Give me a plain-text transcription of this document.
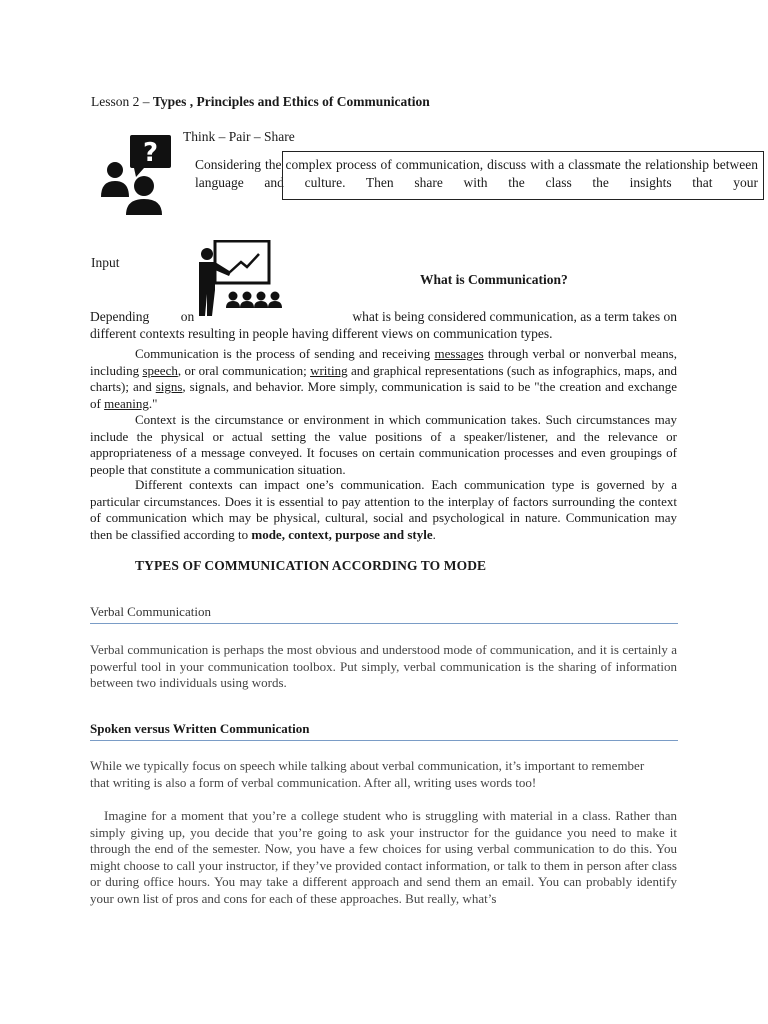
Lesson 2 – Types , Principles and Ethics of Communication
Think – Pair – Share
?	Considering the complex process of communication, discuss with a classmate the relationship between language and culture. Then share with the class the insights that your
Input
What is Communication?
Depending on	what is being considered communication, as a term takes on
different contexts resulting in people having different views on communication types.
Communication is the process of sending and receiving messages through verbal or nonverbal means, including speech, or oral communication; writing and graphical representations (such as infographics, maps, and charts); and signs, signals, and behavior. More simply, communication is said to be "the creation and exchange of meaning."
Context is the circumstance or environment in which communication takes. Such circumstances may include the physical or actual setting the value positions of a speaker/listener, and the relevance or appropriateness of a message conveyed. It focuses on certain communication processes and even groupings of people that constitute a communication situation.
Different contexts can impact one’s communication. Each communication type is governed by a particular circumstances. Does it is essential to pay attention to the interplay of factors surrounding the context of communication which may be physical, cultural, social and psychological in nature. Communication may then be classified according to mode, context, purpose and style.
TYPES OF COMMUNICATION ACCORDING TO MODE
Verbal Communication
Verbal communication is perhaps the most obvious and understood mode of communication, and it is certainly a powerful tool in your communication toolbox. Put simply, verbal communication is the sharing of information between two individuals using words.
Spoken versus Written Communication
While we typically focus on speech while talking about verbal communication, it’s important to remember that writing is also a form of verbal communication. After all, writing uses words too!
Imagine for a moment that you’re a college student who is struggling with material in a class. Rather than simply giving up, you decide that you’re going to ask your instructor for the guidance you need to make it through the end of the semester. Now, you have a few choices for using verbal communication to do this. You might choose to call your instructor, if they’ve provided contact information, or talk to them in person after class or during office hours. You may take a different approach and send them an email. You can probably identify your own list of pros and cons for each of these approaches. But really, what’s
